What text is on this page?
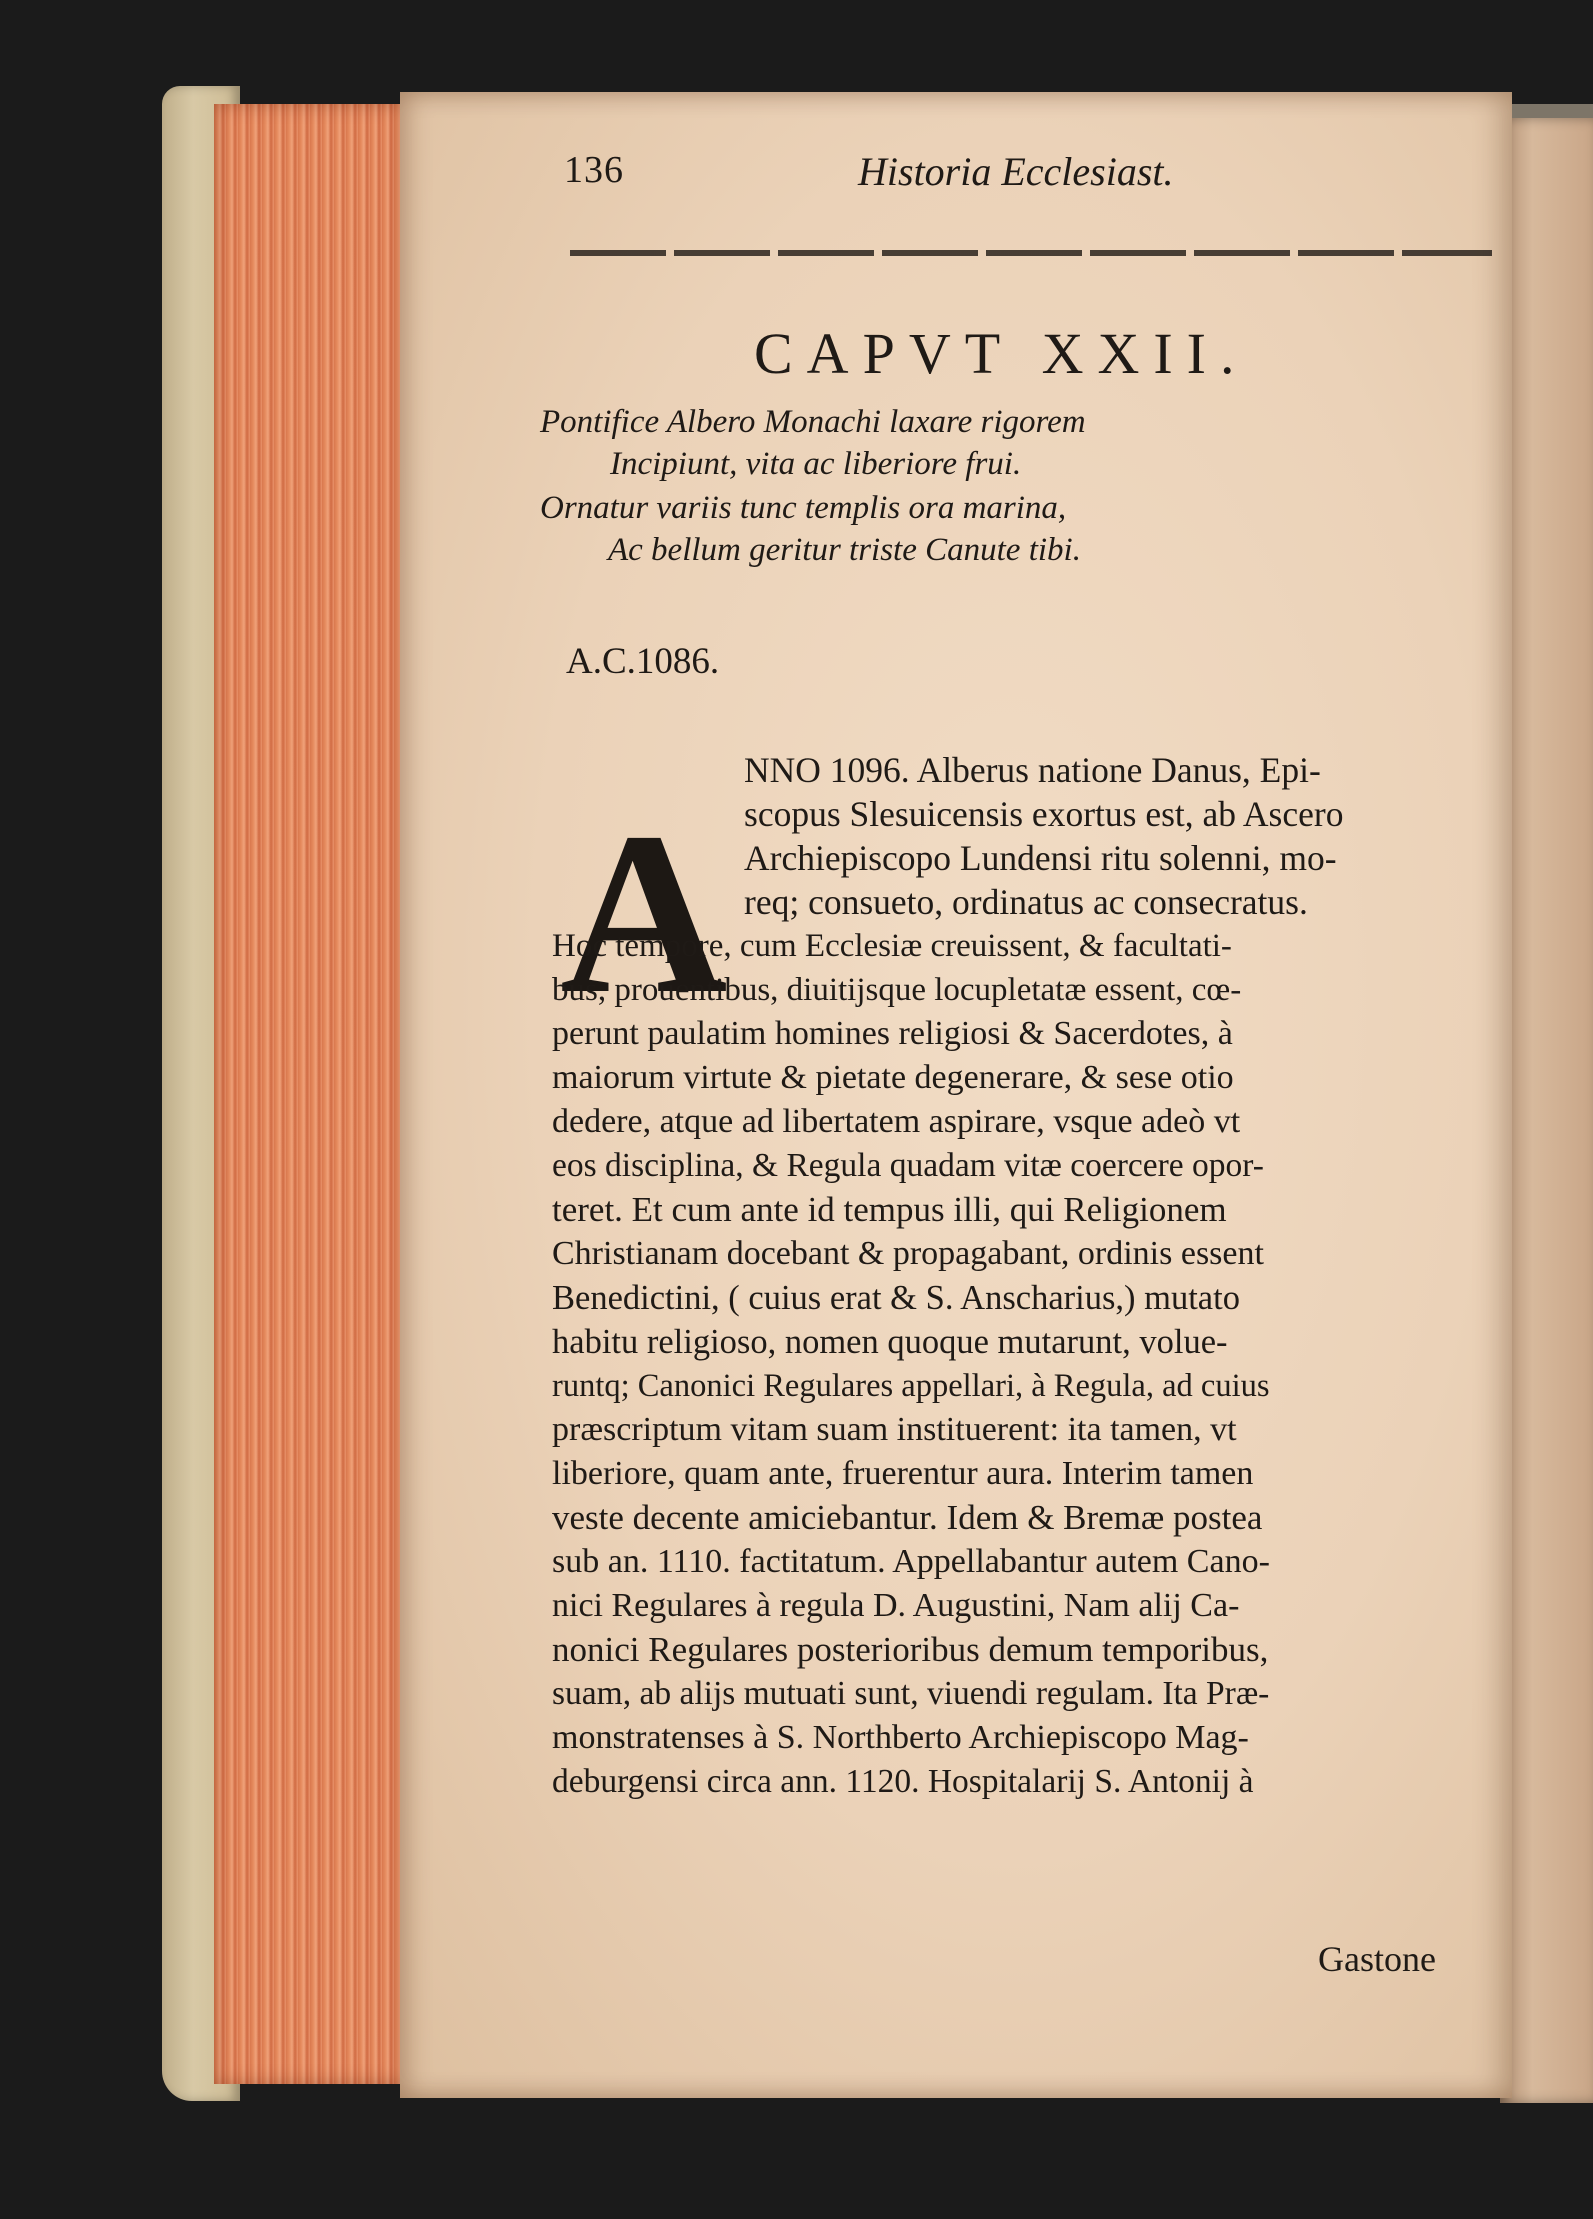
136	Historia Ecclesiast.
CAPVT XXII.
Pontifice Albero Monachi laxare rigorem
Incipiunt, vita ac liberiore frui.
Ornatur variis tunc templis ora marina,
Ac bellum geritur triste Canute tibi.
A.C.1086.
A
NNO 1096. Alberus natione Danus, Epi-
scopus Slesuicensis exortus est, ab Ascero
Archiepiscopo Lundensi ritu solenni, mo-
req; consueto, ordinatus ac consecratus.
Hoc tempore, cum Ecclesiæ creuissent, & facultati-
bus, prouentibus, diuitijsque locupletatæ essent, cœ-
perunt paulatim homines religiosi & Sacerdotes, à
maiorum virtute & pietate degenerare, & sese otio
dedere, atque ad libertatem aspirare, vsque adeò vt
eos disciplina, & Regula quadam vitæ coercere opor-
teret. Et cum ante id tempus illi, qui Religionem
Christianam docebant & propagabant, ordinis essent
Benedictini, ( cuius erat & S. Anscharius,) mutato
habitu religioso, nomen quoque mutarunt, volue-
runtq; Canonici Regulares appellari, à Regula, ad cuius
præscriptum vitam suam instituerent: ita tamen, vt
liberiore, quam ante, fruerentur aura. Interim tamen
veste decente amiciebantur. Idem & Bremæ postea
sub an. 1110. factitatum. Appellabantur autem Cano-
nici Regulares à regula D. Augustini, Nam alij Ca-
nonici Regulares posterioribus demum temporibus,
suam, ab alijs mutuati sunt, viuendi regulam. Ita Præ-
monstratenses à S. Northberto Archiepiscopo Mag-
deburgensi circa ann. 1120. Hospitalarij S. Antonij à
Gastone
